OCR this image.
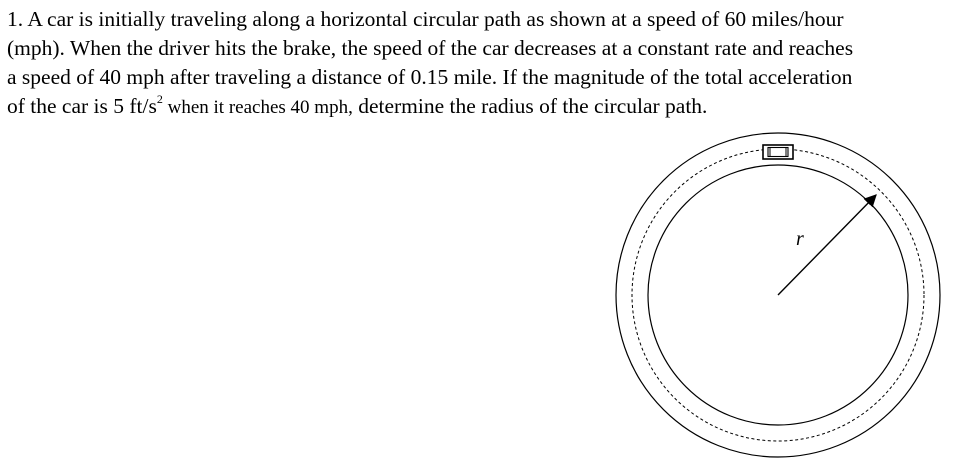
1. A car is initially traveling along a horizontal circular path as shown at a speed of 60 miles/hour
(mph). When the driver hits the brake, the speed of the car decreases at a constant rate and reaches
a speed of 40 mph after traveling a distance of 0.15 mile. If the magnitude of the total acceleration
of the car is 5 $ft/s^2$ when it reaches 40 mph, determine the radius of the circular path.
r
